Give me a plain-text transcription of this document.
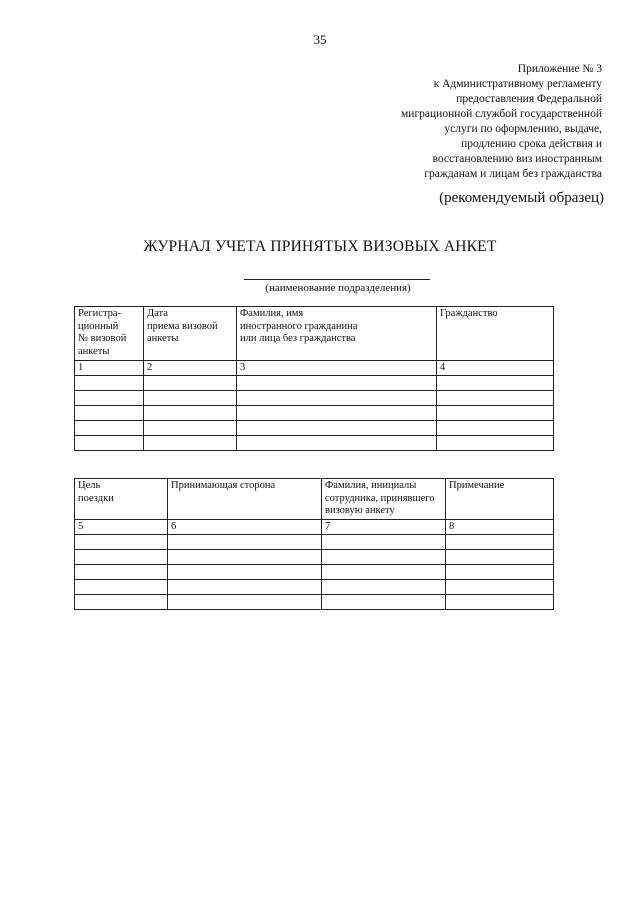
35
Приложение № 3
к Административному регламенту
предоставления Федеральной
миграционной службой государственной
услуги по оформлению, выдаче,
продлению срока действия и
восстановлению виз иностранным
гражданам и лицам без гражданства
(рекомендуемый образец)
ЖУРНАЛ УЧЕТА ПРИНЯТЫХ ВИЗОВЫХ АНКЕТ
(наименование подразделения)
Регистра-
ционный
№ визовой
анкеты	Дата
приема визовой
анкеты	Фамилия, имя
иностранного гражданина
или лица без гражданства	Гражданство

1	2	3	4

Цель
поездки	Принимающая сторона	Фамилия, инициалы
сотрудника, принявшего
визовую анкету	Примечание

5	6	7	8
